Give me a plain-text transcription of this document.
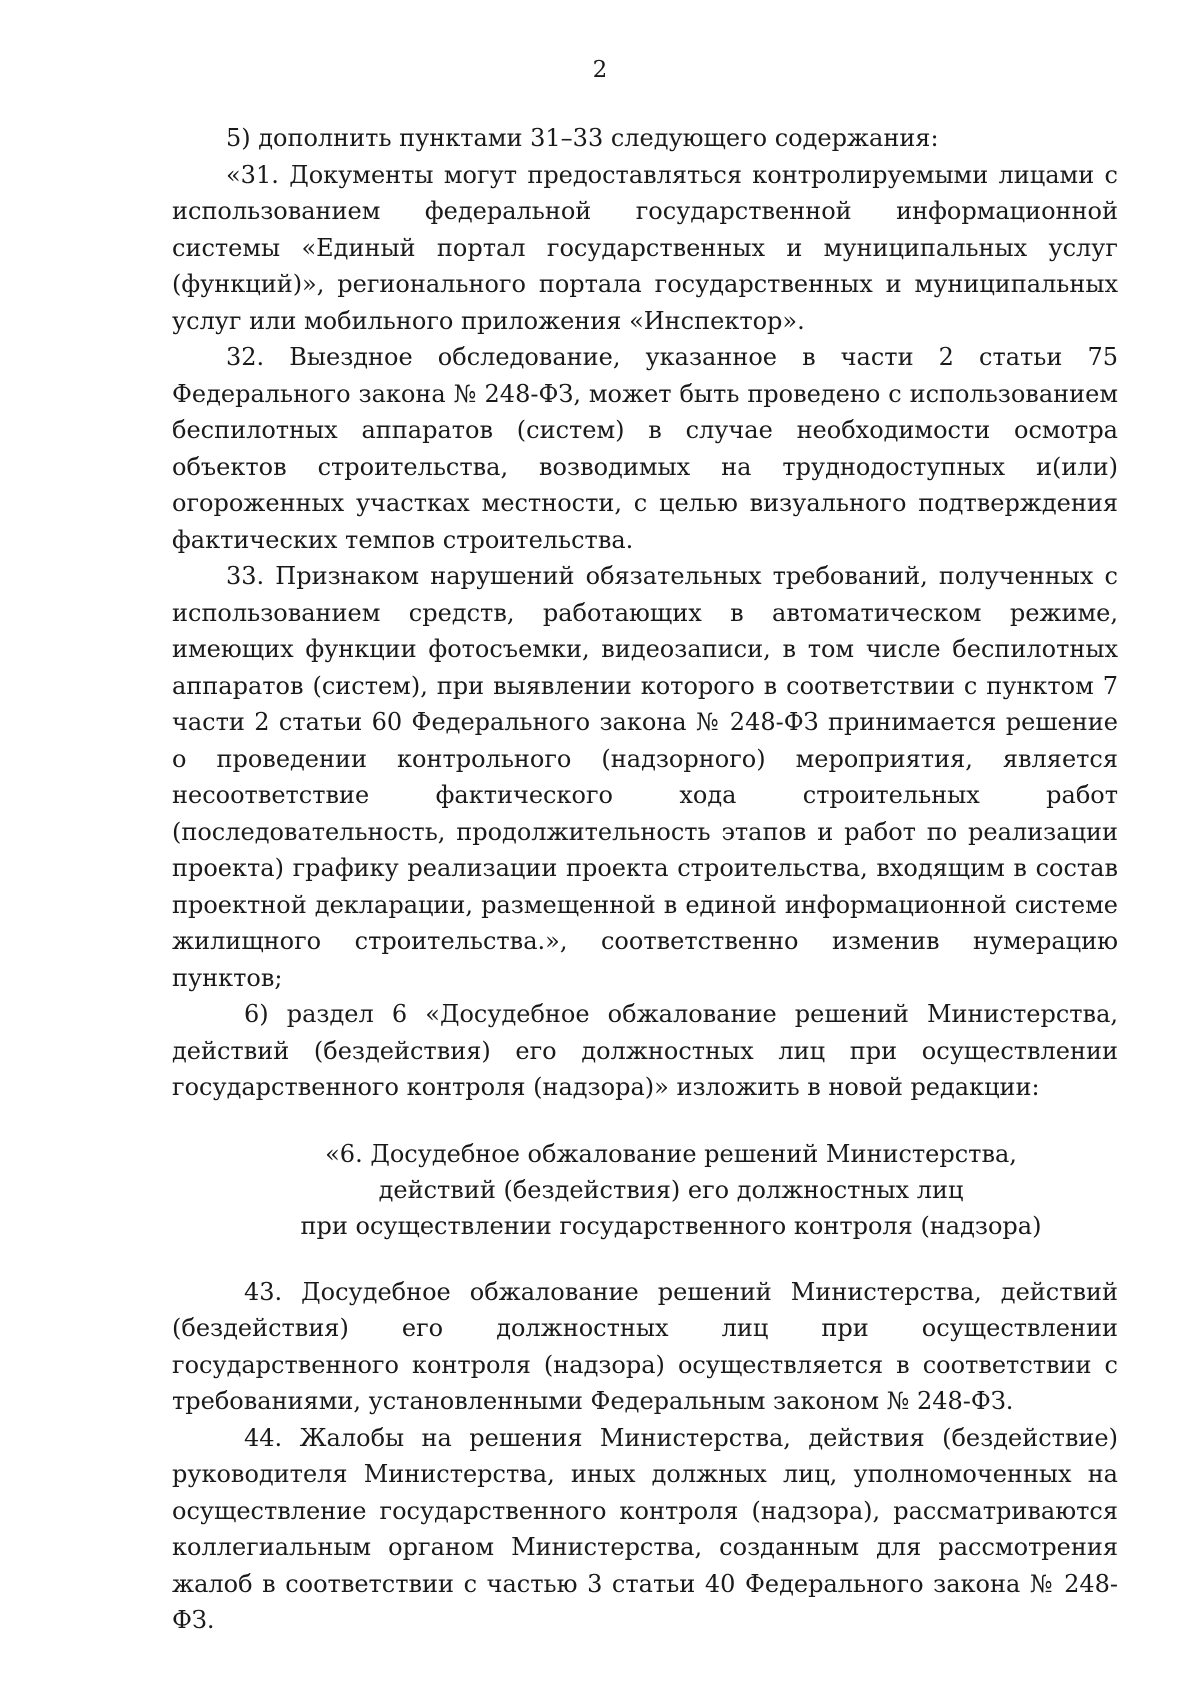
2

5) дополнить пунктами 31–33 следующего содержания:

«31. Документы могут предоставляться контролируемыми лицами с использованием федеральной государственной информационной системы «Единый портал государственных и муниципальных услуг (функций)», регионального портала государственных и муниципальных услуг или мобильного приложения «Инспектор».

32. Выездное обследование, указанное в части 2 статьи 75 Федерального закона № 248-ФЗ, может быть проведено с использованием беспилотных аппаратов (систем) в случае необходимости осмотра объектов строительства, возводимых на труднодоступных и(или) огороженных участках местности, с целью визуального подтверждения фактических темпов строительства.

33. Признаком нарушений обязательных требований, полученных с использованием средств, работающих в автоматическом режиме, имеющих функции фотосъемки, видеозаписи, в том числе беспилотных аппаратов (систем), при выявлении которого в соответствии с пунктом 7 части 2 статьи 60 Федерального закона № 248-ФЗ принимается решение о проведении контрольного (надзорного) мероприятия, является несоответствие фактического хода строительных работ (последовательность, продолжительность этапов и работ по реализации проекта) графику реализации проекта строительства, входящим в состав проектной декларации, размещенной в единой информационной системе жилищного строительства.», соответственно изменив нумерацию пунктов;

6) раздел 6 «Досудебное обжалование решений Министерства, действий (бездействия) его должностных лиц при осуществлении государственного контроля (надзора)» изложить в новой редакции:

«6. Досудебное обжалование решений Министерства,
действий (бездействия) его должностных лиц
при осуществлении государственного контроля (надзора)

43. Досудебное обжалование решений Министерства, действий (бездействия) его должностных лиц при осуществлении государственного контроля (надзора) осуществляется в соответствии с требованиями, установленными Федеральным законом № 248-ФЗ.

44. Жалобы на решения Министерства, действия (бездействие) руководителя Министерства, иных должных лиц, уполномоченных на осуществление государственного контроля (надзора), рассматриваются коллегиальным органом Министерства, созданным для рассмотрения жалоб в соответствии с частью 3 статьи 40 Федерального закона № 248-ФЗ.
